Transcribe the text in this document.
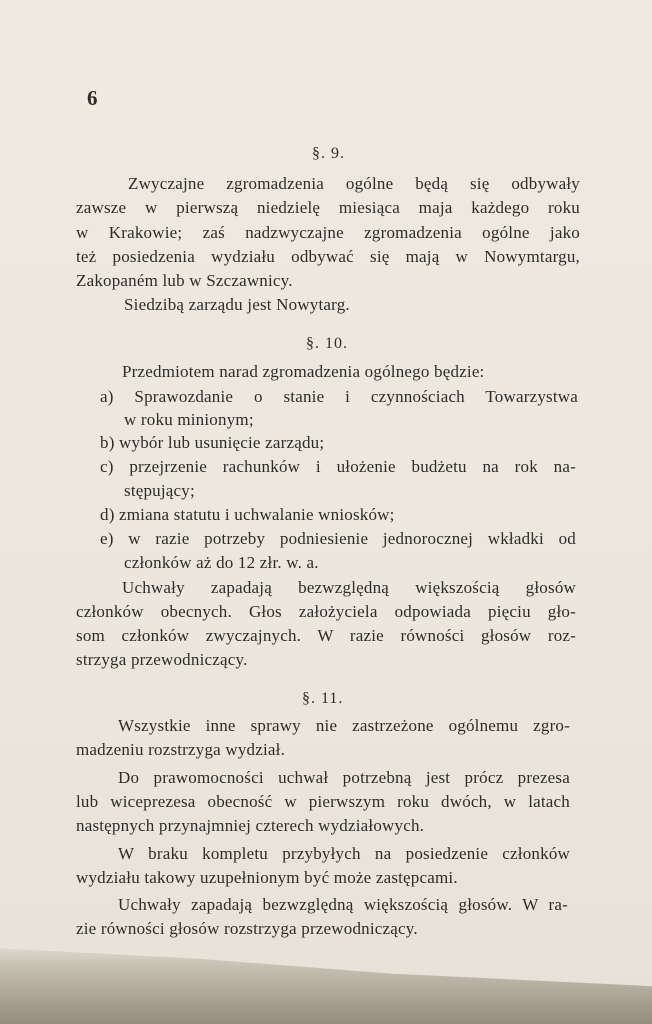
6
§. 9.
Zwyczajne zgromadzenia ogólne będą się odbywały
zawsze w pierwszą niedzielę miesiąca maja każdego roku
w Krakowie; zaś nadzwyczajne zgromadzenia ogólne jako
też posiedzenia wydziału odbywać się mają w Nowymtargu,
Zakopaném lub w Szczawnicy.
Siedzibą zarządu jest Nowytarg.
§. 10.
Przedmiotem narad zgromadzenia ogólnego będzie:
a) Sprawozdanie o stanie i czynnościach Towarzystwa
w roku minionym;
b) wybór lub usunięcie zarządu;
c) przejrzenie rachunków i ułożenie budżetu na rok na-
stępujący;
d) zmiana statutu i uchwalanie wniosków;
e) w razie potrzeby podniesienie jednorocznej wkładki od
członków aż do 12 złr. w. a.
Uchwały zapadają bezwzględną większością głosów
członków obecnych. Głos założyciela odpowiada pięciu gło-
som członków zwyczajnych. W razie równości głosów roz-
strzyga przewodniczący.
§. 11.
Wszystkie inne sprawy nie zastrzeżone ogólnemu zgro-
madzeniu rozstrzyga wydział.
Do prawomocności uchwał potrzebną jest prócz prezesa
lub wiceprezesa obecność w pierwszym roku dwóch, w latach
następnych przynajmniej czterech wydziałowych.
W braku kompletu przybyłych na posiedzenie członków
wydziału takowy uzupełnionym być może zastępcami.
Uchwały zapadają bezwzględną większością głosów. W ra-
zie równości głosów rozstrzyga przewodniczący.
